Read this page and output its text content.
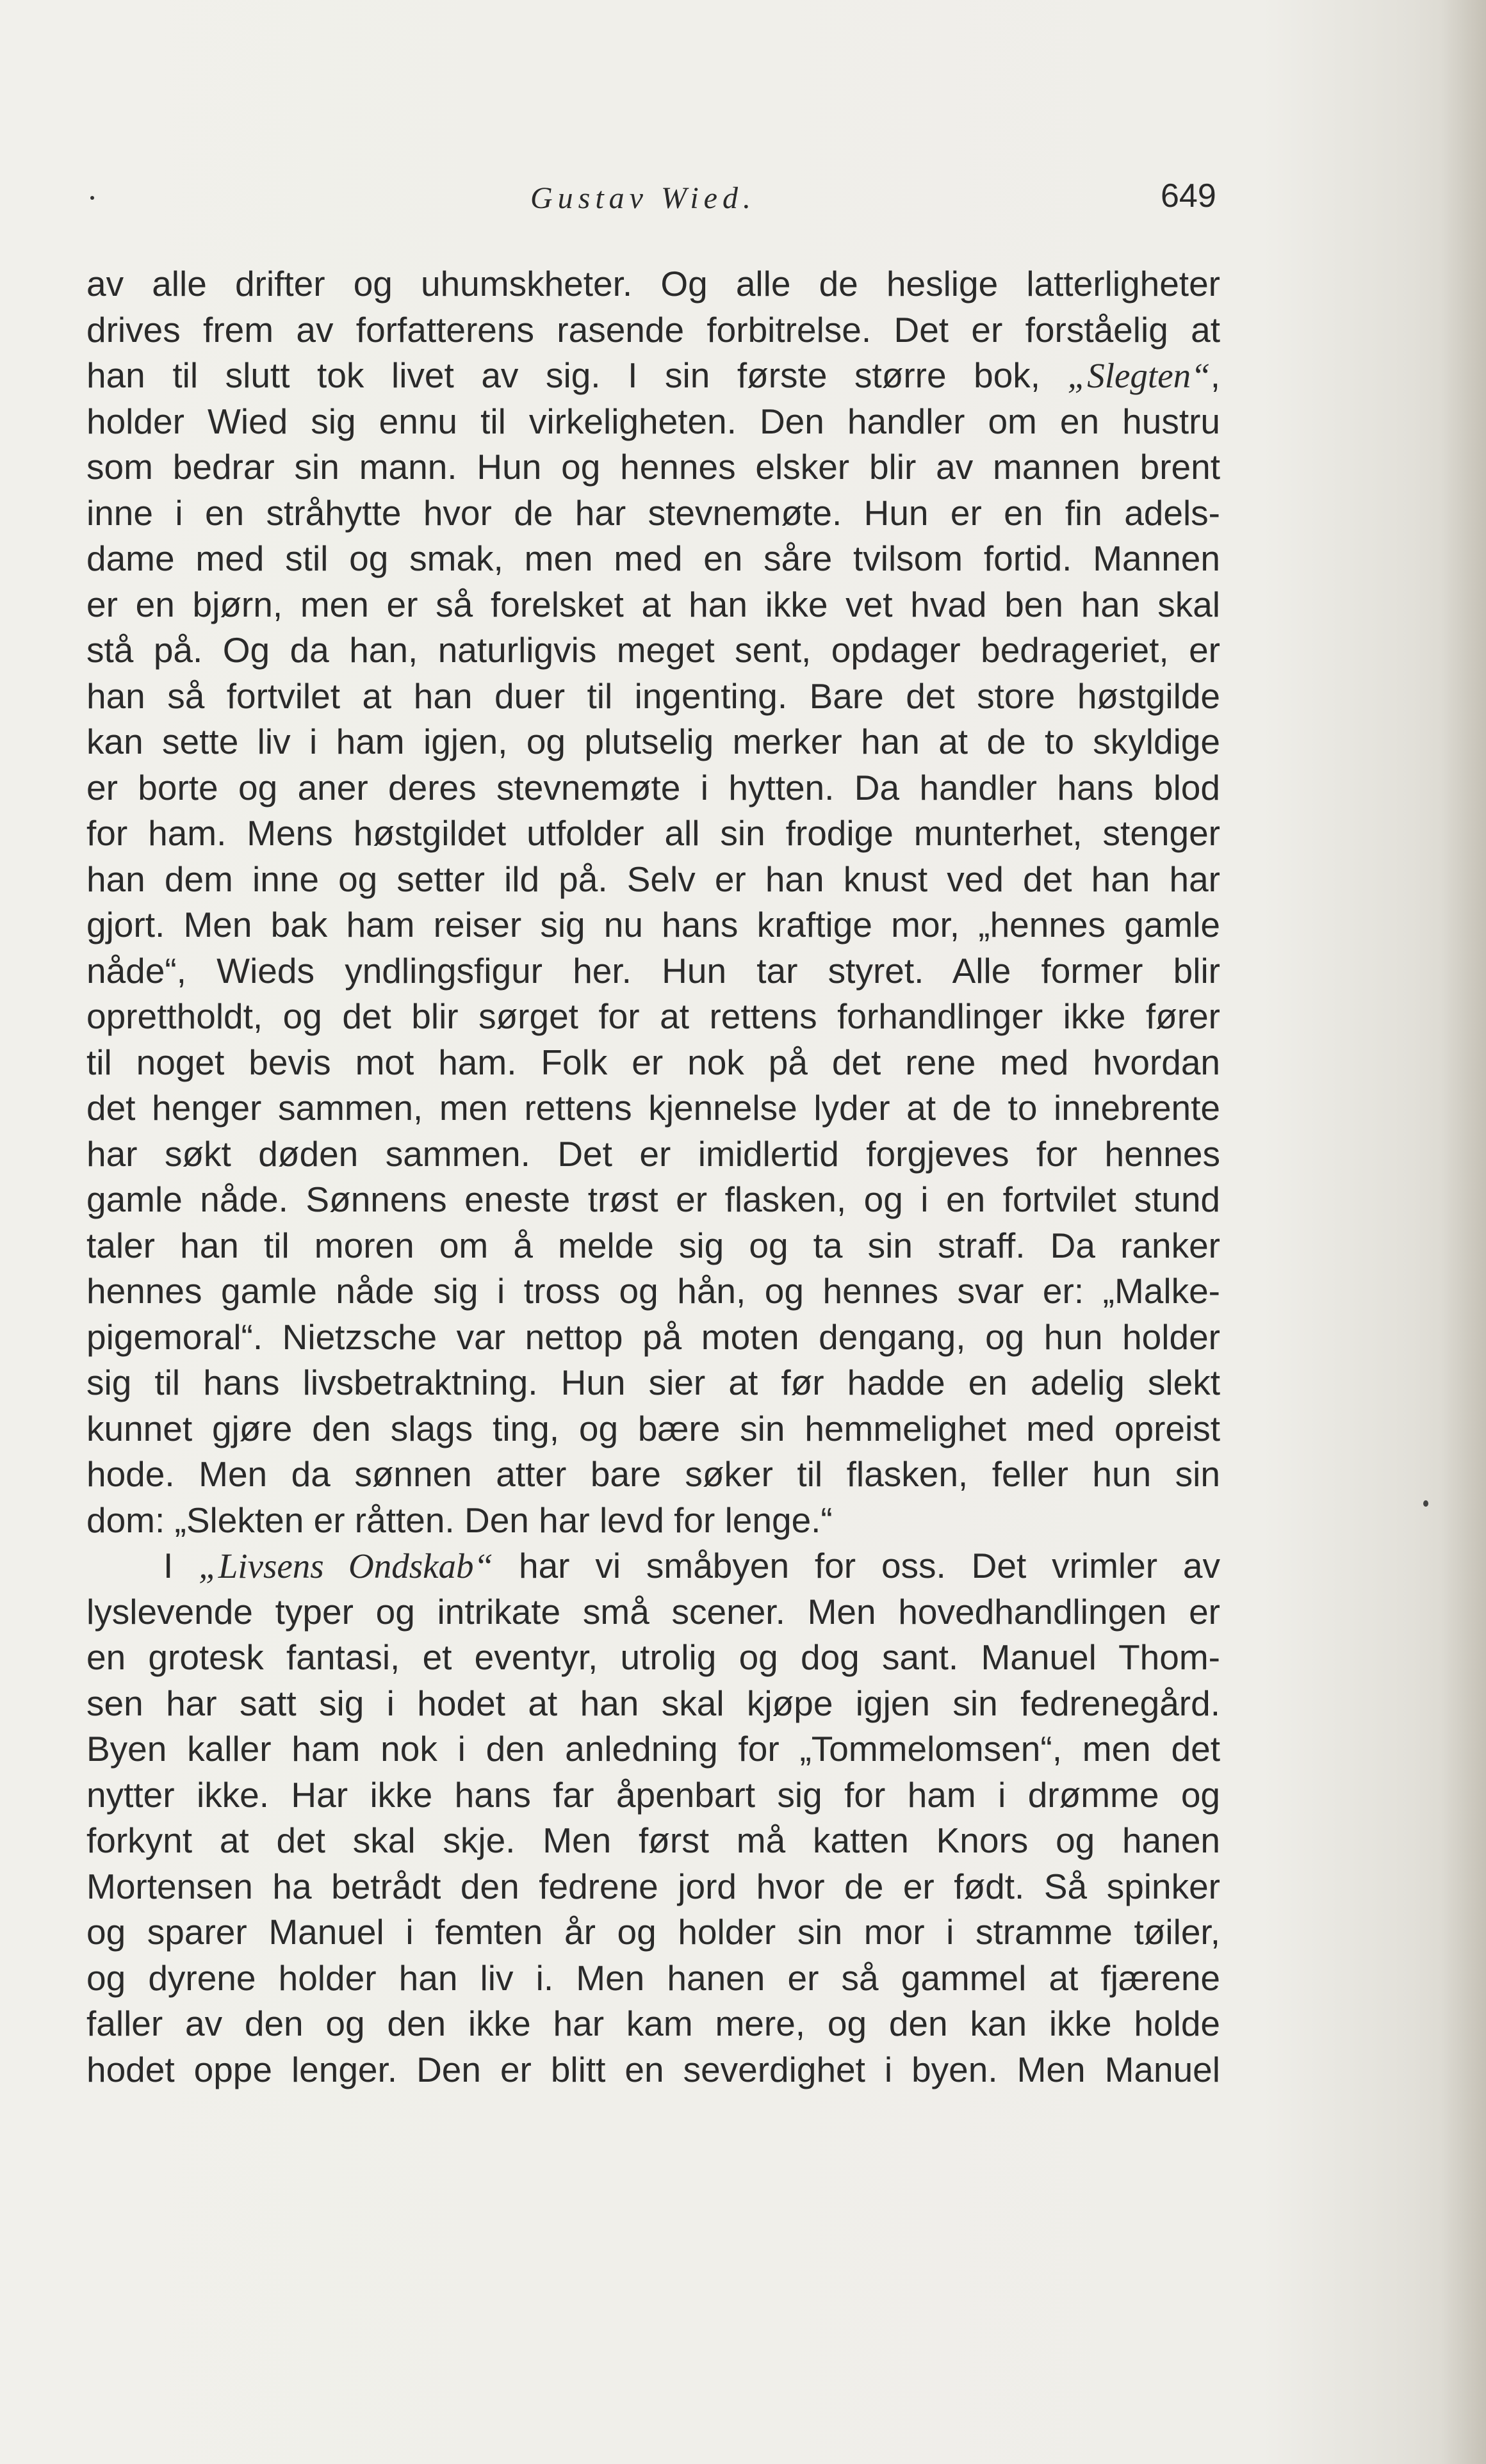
Gustav Wied.	649
av alle drifter og uhumskheter. Og alle de heslige latterligheter
drives frem av forfatterens rasende forbitrelse. Det er forståelig at
han til slutt tok livet av sig. I sin første større bok, „Slegten“,
holder Wied sig ennu til virkeligheten. Den handler om en hustru
som bedrar sin mann. Hun og hennes elsker blir av mannen brent
inne i en stråhytte hvor de har stevnemøte. Hun er en fin adels-
dame med stil og smak, men med en såre tvilsom fortid. Mannen
er en bjørn, men er så forelsket at han ikke vet hvad ben han skal
stå på. Og da han, naturligvis meget sent, opdager bedrageriet, er
han så fortvilet at han duer til ingenting. Bare det store høstgilde
kan sette liv i ham igjen, og plutselig merker han at de to skyldige
er borte og aner deres stevnemøte i hytten. Da handler hans blod
for ham. Mens høstgildet utfolder all sin frodige munterhet, stenger
han dem inne og setter ild på. Selv er han knust ved det han har
gjort. Men bak ham reiser sig nu hans kraftige mor, „hennes gamle
nåde“, Wieds yndlingsfigur her. Hun tar styret. Alle former blir
oprettholdt, og det blir sørget for at rettens forhandlinger ikke fører
til noget bevis mot ham. Folk er nok på det rene med hvordan
det henger sammen, men rettens kjennelse lyder at de to innebrente
har søkt døden sammen. Det er imidlertid forgjeves for hennes
gamle nåde. Sønnens eneste trøst er flasken, og i en fortvilet stund
taler han til moren om å melde sig og ta sin straff. Da ranker
hennes gamle nåde sig i tross og hån, og hennes svar er: „Malke-
pigemoral“. Nietzsche var nettop på moten dengang, og hun holder
sig til hans livsbetraktning. Hun sier at før hadde en adelig slekt
kunnet gjøre den slags ting, og bære sin hemmelighet med opreist
hode. Men da sønnen atter bare søker til flasken, feller hun sin
dom: „Slekten er råtten. Den har levd for lenge.“
I „Livsens Ondskab“ har vi småbyen for oss. Det vrimler av
lyslevende typer og intrikate små scener. Men hovedhandlingen er
en grotesk fantasi, et eventyr, utrolig og dog sant. Manuel Thom-
sen har satt sig i hodet at han skal kjøpe igjen sin fedrenegård.
Byen kaller ham nok i den anledning for „Tommelomsen“, men det
nytter ikke. Har ikke hans far åpenbart sig for ham i drømme og
forkynt at det skal skje. Men først må katten Knors og hanen
Mortensen ha betrådt den fedrene jord hvor de er født. Så spinker
og sparer Manuel i femten år og holder sin mor i stramme tøiler,
og dyrene holder han liv i. Men hanen er så gammel at fjærene
faller av den og den ikke har kam mere, og den kan ikke holde
hodet oppe lenger. Den er blitt en severdighet i byen. Men Manuel
